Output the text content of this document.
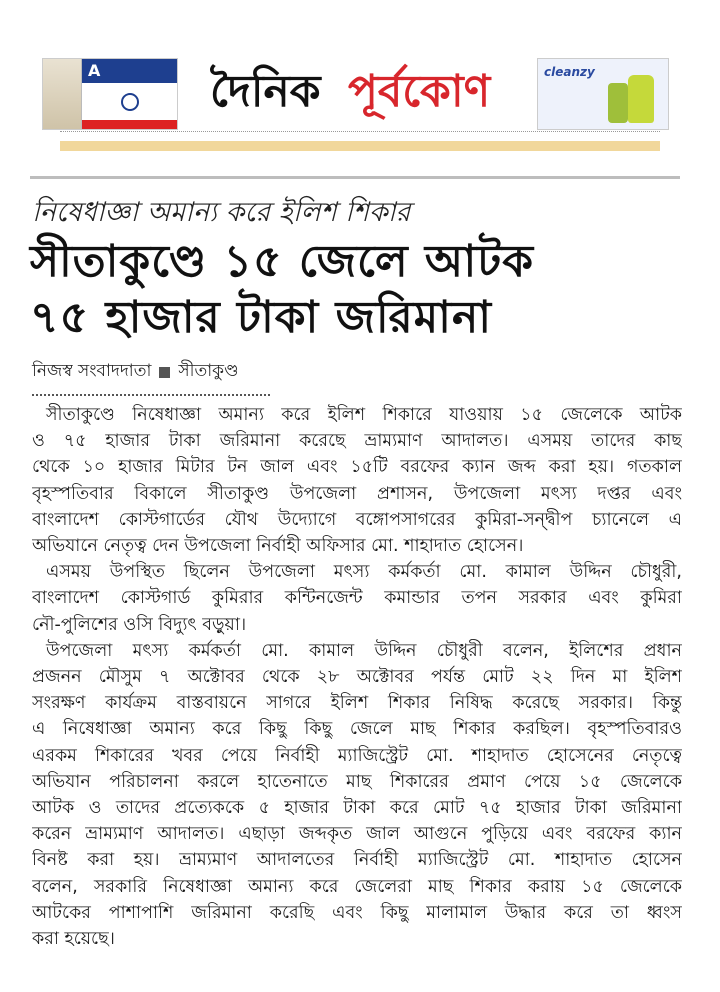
A	দৈনিক পূর্বকোণ	cleanzy
নিষেধাজ্ঞা অমান্য করে ইলিশ শিকার
সীতাকুণ্ডে ১৫ জেলে আটক
৭৫ হাজার টাকা জরিমানা
নিজস্ব সংবাদদাতা সীতাকুণ্ড
সীতাকুণ্ডে নিষেধাজ্ঞা অমান্য করে ইলিশ শিকারে যাওয়ায় ১৫ জেলেকে আটক
ও ৭৫ হাজার টাকা জরিমানা করেছে ভ্রাম্যমাণ আদালত। এসময় তাদের কাছ
থেকে ১০ হাজার মিটার টন জাল এবং ১৫টি বরফের ক্যান জব্দ করা হয়। গতকাল
বৃহস্পতিবার বিকালে সীতাকুণ্ড উপজেলা প্রশাসন, উপজেলা মৎস্য দপ্তর এবং
বাংলাদেশ কোস্টগার্ডের যৌথ উদ্যোগে বঙ্গোপসাগরের কুমিরা-সন্দ্বীপ চ্যানেলে এ
অভিযানে নেতৃত্ব দেন উপজেলা নির্বাহী অফিসার মো. শাহাদাত হোসেন।
এসময় উপস্থিত ছিলেন উপজেলা মৎস্য কর্মকর্তা মো. কামাল উদ্দিন চৌধুরী,
বাংলাদেশ কোস্টগার্ড কুমিরার কন্টিনজেন্ট কমান্ডার তপন সরকার এবং কুমিরা
নৌ-পুলিশের ওসি বিদ্যুৎ বড়ুয়া।
উপজেলা মৎস্য কর্মকর্তা মো. কামাল উদ্দিন চৌধুরী বলেন, ইলিশের প্রধান
প্রজনন মৌসুম ৭ অক্টোবর থেকে ২৮ অক্টোবর পর্যন্ত মোট ২২ দিন মা ইলিশ
সংরক্ষণ কার্যক্রম বাস্তবায়নে সাগরে ইলিশ শিকার নিষিদ্ধ করেছে সরকার। কিন্তু
এ নিষেধাজ্ঞা অমান্য করে কিছু কিছু জেলে মাছ শিকার করছিল। বৃহস্পতিবারও
এরকম শিকারের খবর পেয়ে নির্বাহী ম্যাজিস্ট্রেট মো. শাহাদাত হোসেনের নেতৃত্বে
অভিযান পরিচালনা করলে হাতেনাতে মাছ শিকারের প্রমাণ পেয়ে ১৫ জেলেকে
আটক ও তাদের প্রত্যেককে ৫ হাজার টাকা করে মোট ৭৫ হাজার টাকা জরিমানা
করেন ভ্রাম্যমাণ আদালত। এছাড়া জব্দকৃত জাল আগুনে পুড়িয়ে এবং বরফের ক্যান
বিনষ্ট করা হয়। ভ্রাম্যমাণ আদালতের নির্বাহী ম্যাজিস্ট্রেট মো. শাহাদাত হোসেন
বলেন, সরকারি নিষেধাজ্ঞা অমান্য করে জেলেরা মাছ শিকার করায় ১৫ জেলেকে
আটকের পাশাপাশি জরিমানা করেছি এবং কিছু মালামাল উদ্ধার করে তা ধ্বংস
করা হয়েছে।
